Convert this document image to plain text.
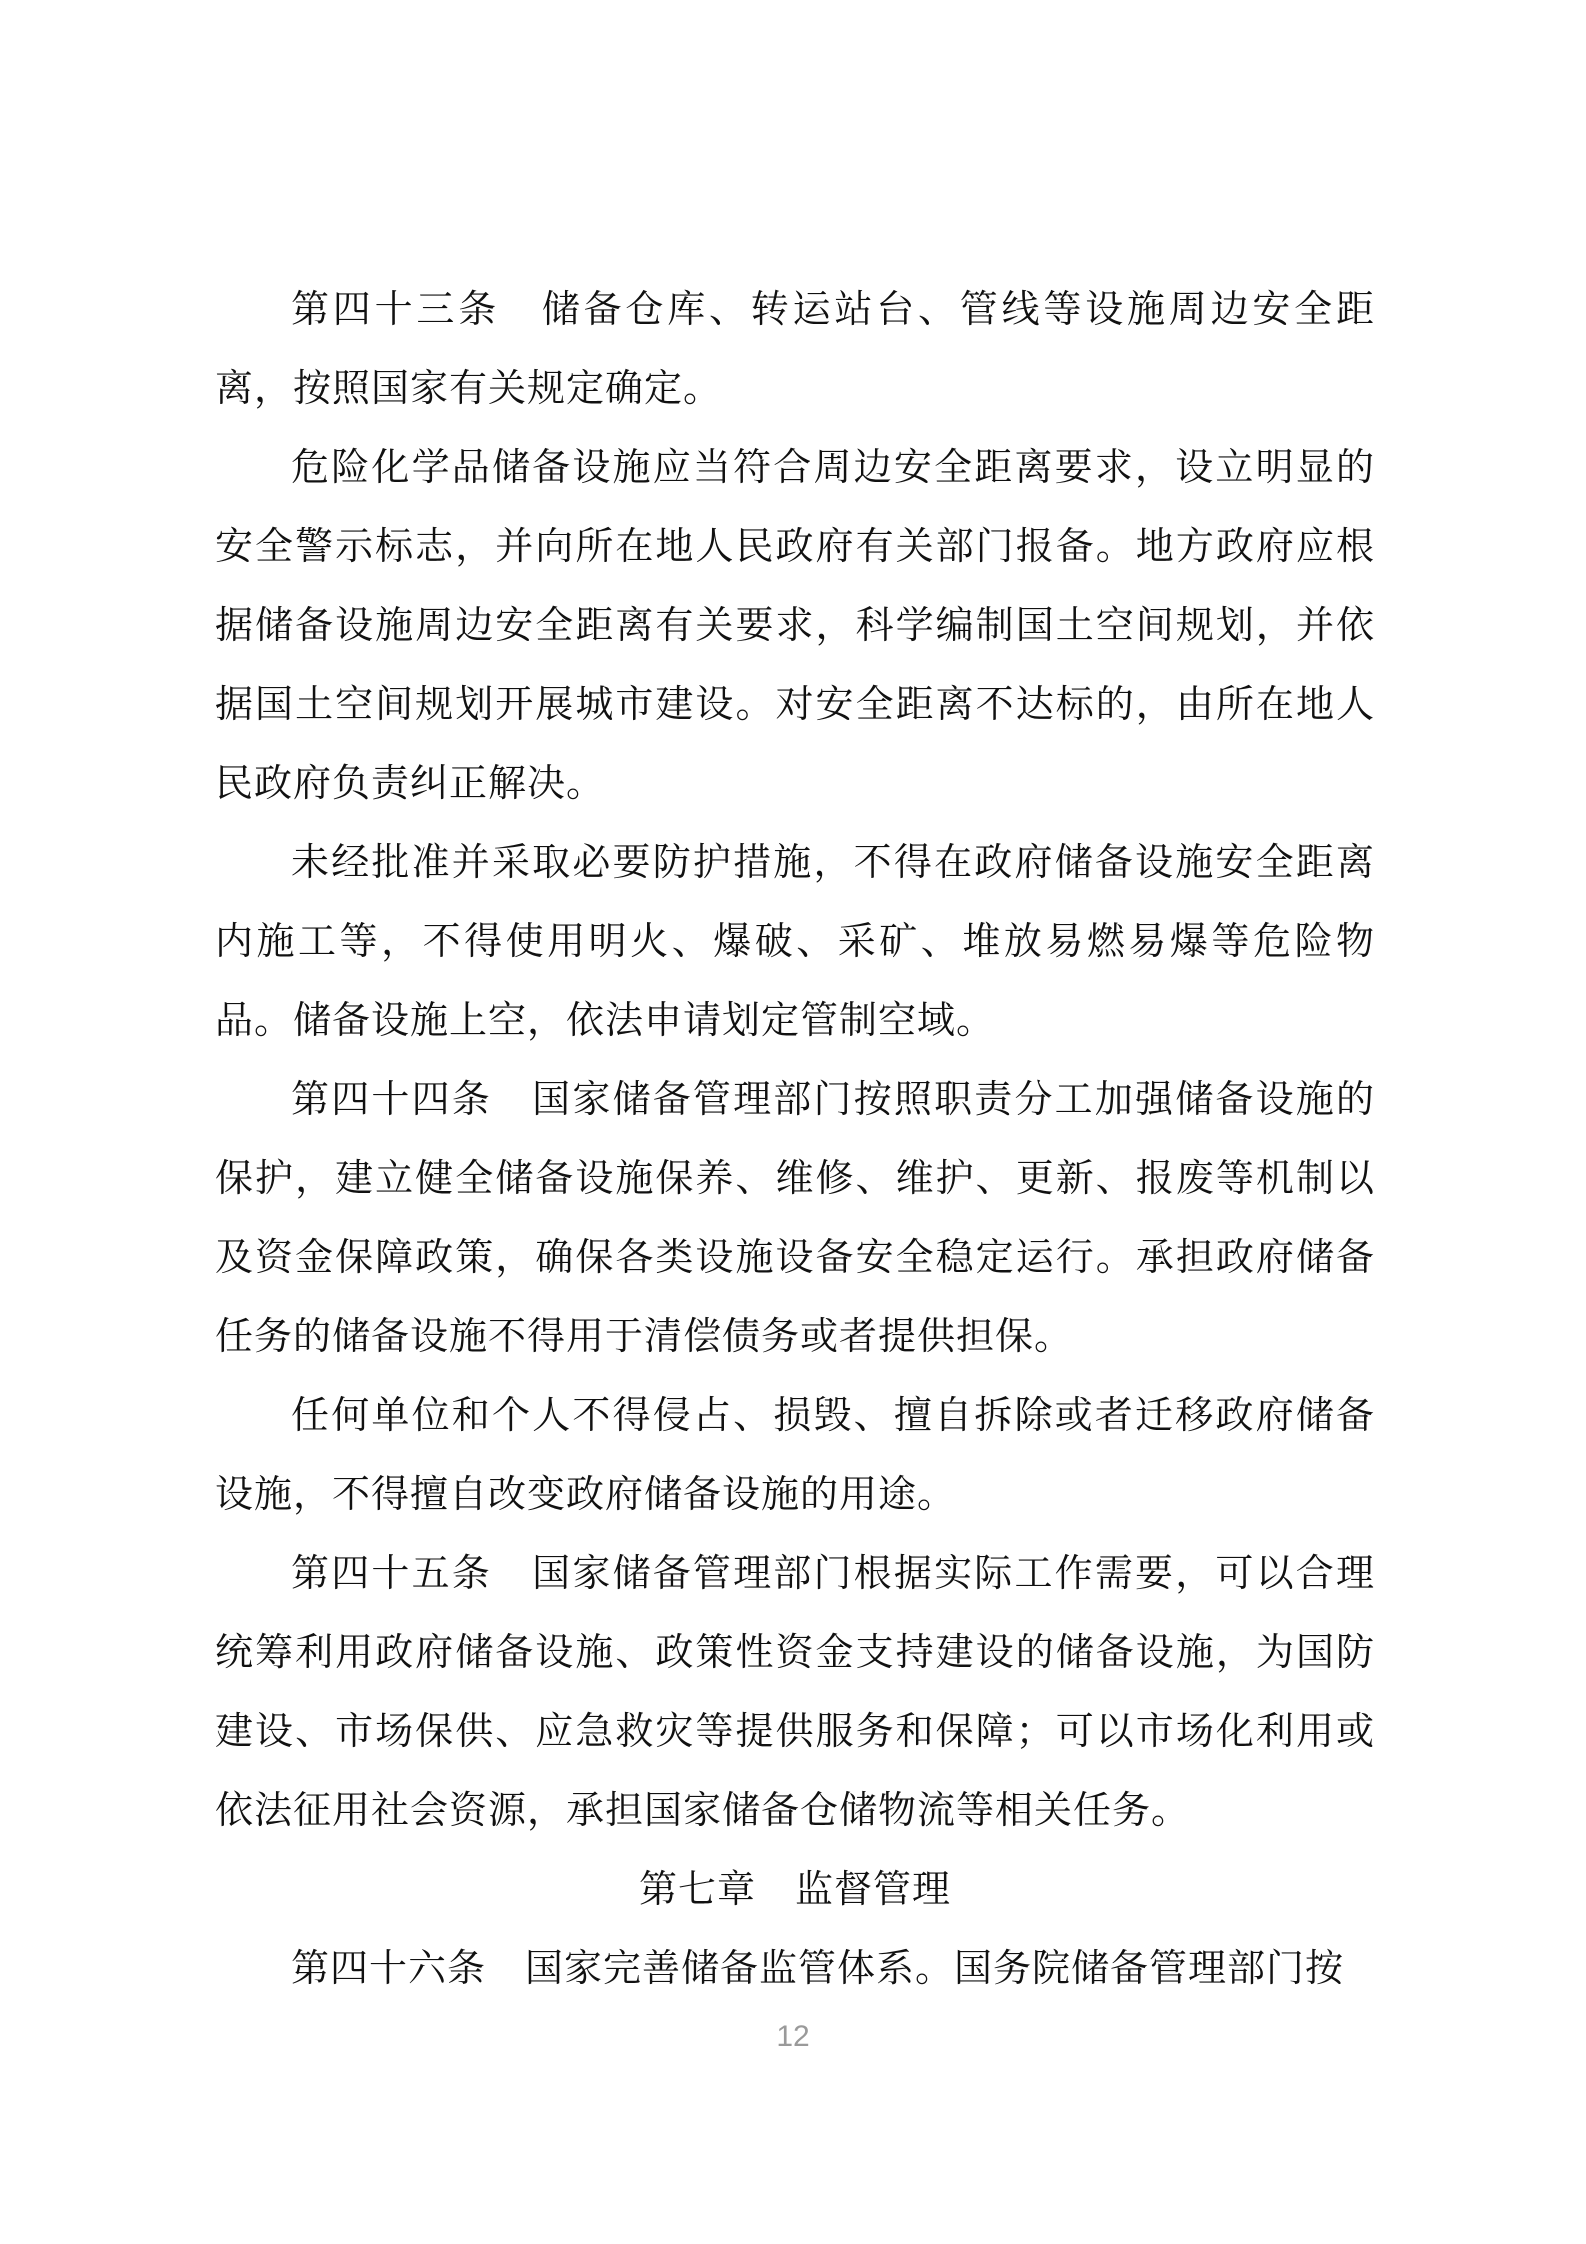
第四十三条　储备仓库、转运站台、管线等设施周边安全距离，按照国家有关规定确定。

危险化学品储备设施应当符合周边安全距离要求，设立明显的安全警示标志，并向所在地人民政府有关部门报备。地方政府应根据储备设施周边安全距离有关要求，科学编制国土空间规划，并依据国土空间规划开展城市建设。对安全距离不达标的，由所在地人民政府负责纠正解决。

未经批准并采取必要防护措施，不得在政府储备设施安全距离内施工等，不得使用明火、爆破、采矿、堆放易燃易爆等危险物品。储备设施上空，依法申请划定管制空域。

第四十四条　国家储备管理部门按照职责分工加强储备设施的保护，建立健全储备设施保养、维修、维护、更新、报废等机制以及资金保障政策，确保各类设施设备安全稳定运行。承担政府储备任务的储备设施不得用于清偿债务或者提供担保。

任何单位和个人不得侵占、损毁、擅自拆除或者迁移政府储备设施，不得擅自改变政府储备设施的用途。

第四十五条　国家储备管理部门根据实际工作需要，可以合理统筹利用政府储备设施、政策性资金支持建设的储备设施，为国防建设、市场保供、应急救灾等提供服务和保障；可以市场化利用或依法征用社会资源，承担国家储备仓储物流等相关任务。

第七章　监督管理

第四十六条　国家完善储备监管体系。国务院储备管理部门按

12
